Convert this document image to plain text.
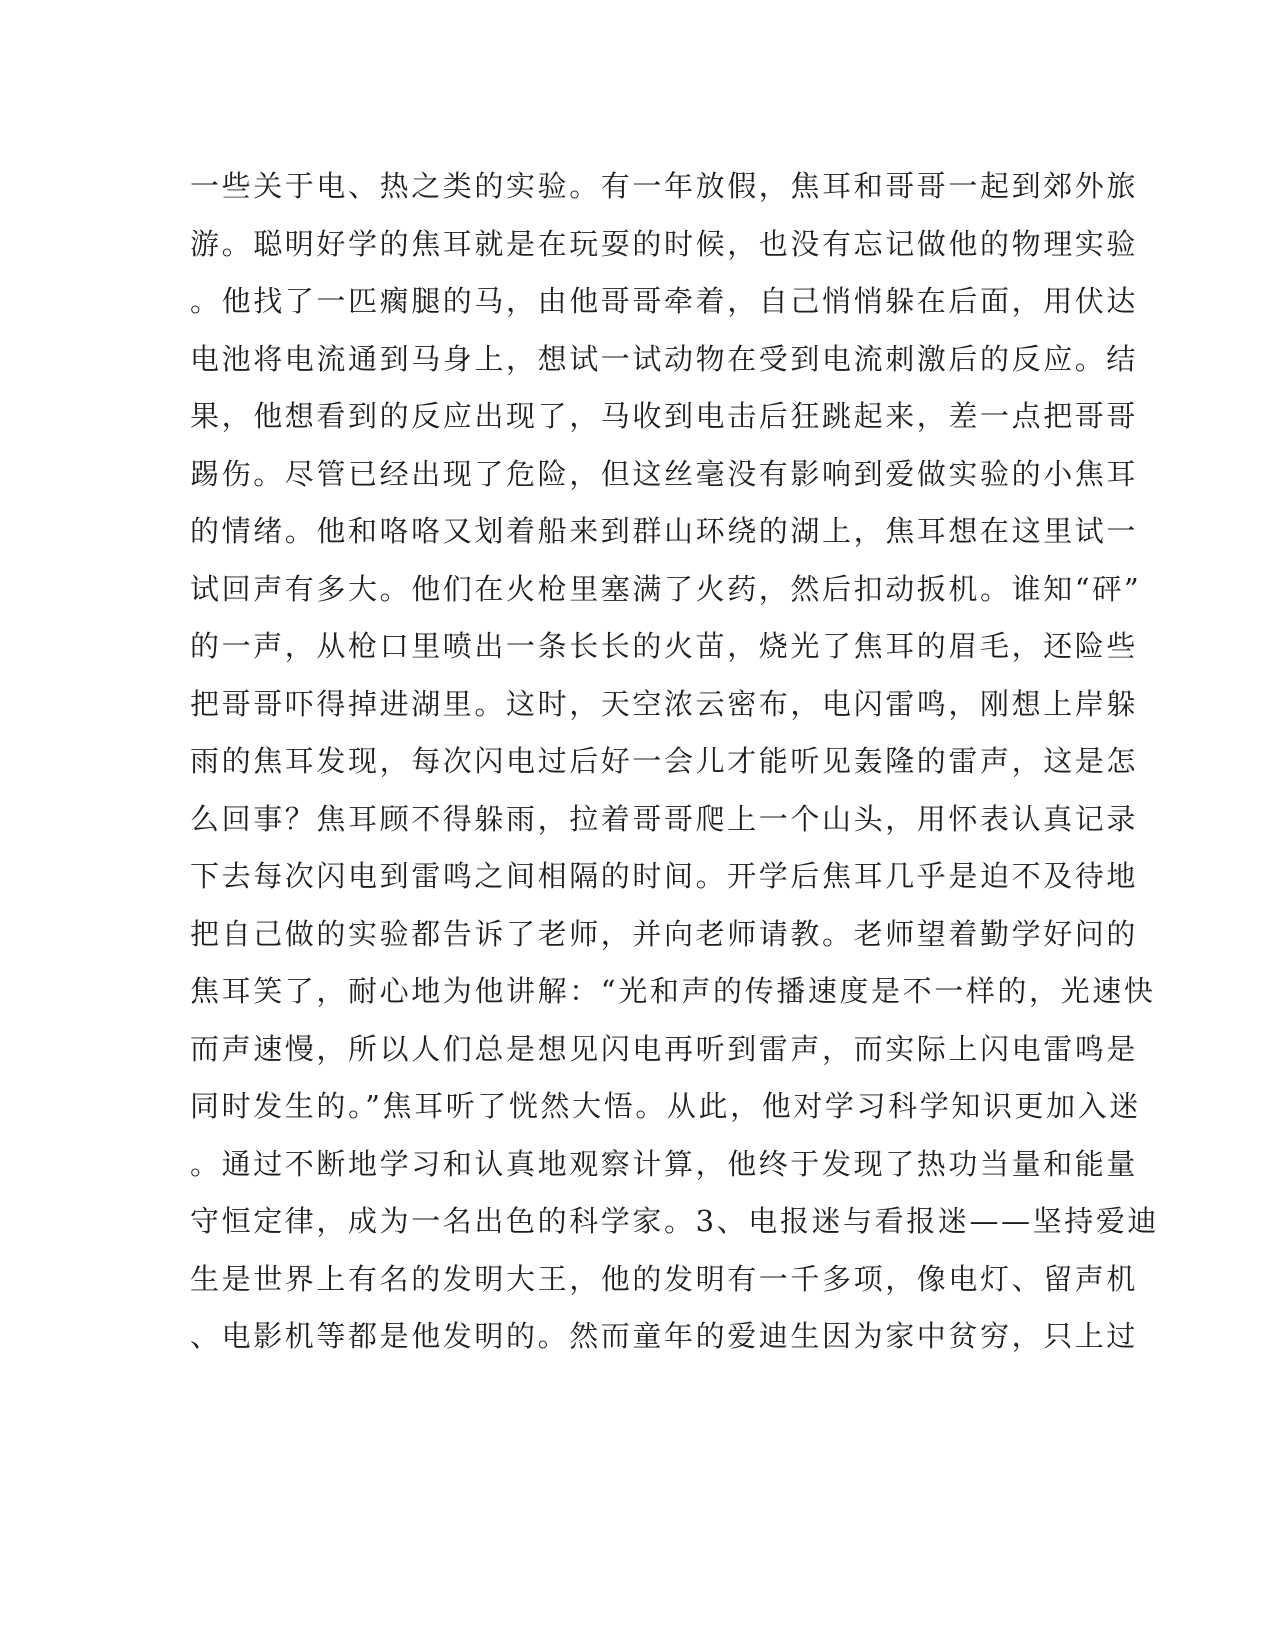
一些关于电、热之类的实验。有一年放假，焦耳和哥哥一起到郊外旅
游。聪明好学的焦耳就是在玩耍的时候，也没有忘记做他的物理实验
。他找了一匹瘸腿的马，由他哥哥牵着，自己悄悄躲在后面，用伏达
电池将电流通到马身上，想试一试动物在受到电流刺激后的反应。结
果，他想看到的反应出现了，马收到电击后狂跳起来，差一点把哥哥
踢伤。尽管已经出现了危险，但这丝毫没有影响到爱做实验的小焦耳
的情绪。他和咯咯又划着船来到群山环绕的湖上，焦耳想在这里试一
试回声有多大。他们在火枪里塞满了火药，然后扣动扳机。谁知“砰”
的一声，从枪口里喷出一条长长的火苗，烧光了焦耳的眉毛，还险些
把哥哥吓得掉进湖里。这时，天空浓云密布，电闪雷鸣，刚想上岸躲
雨的焦耳发现，每次闪电过后好一会儿才能听见轰隆的雷声，这是怎
么回事？焦耳顾不得躲雨，拉着哥哥爬上一个山头，用怀表认真记录
下去每次闪电到雷鸣之间相隔的时间。开学后焦耳几乎是迫不及待地
把自己做的实验都告诉了老师，并向老师请教。老师望着勤学好问的
焦耳笑了，耐心地为他讲解：“光和声的传播速度是不一样的，光速快
而声速慢，所以人们总是想见闪电再听到雷声，而实际上闪电雷鸣是
同时发生的。”焦耳听了恍然大悟。从此，他对学习科学知识更加入迷
。通过不断地学习和认真地观察计算，他终于发现了热功当量和能量
守恒定律，成为一名出色的科学家。3、电报迷与看报迷——坚持爱迪
生是世界上有名的发明大王，他的发明有一千多项，像电灯、留声机
、电影机等都是他发明的。然而童年的爱迪生因为家中贫穷，只上过
